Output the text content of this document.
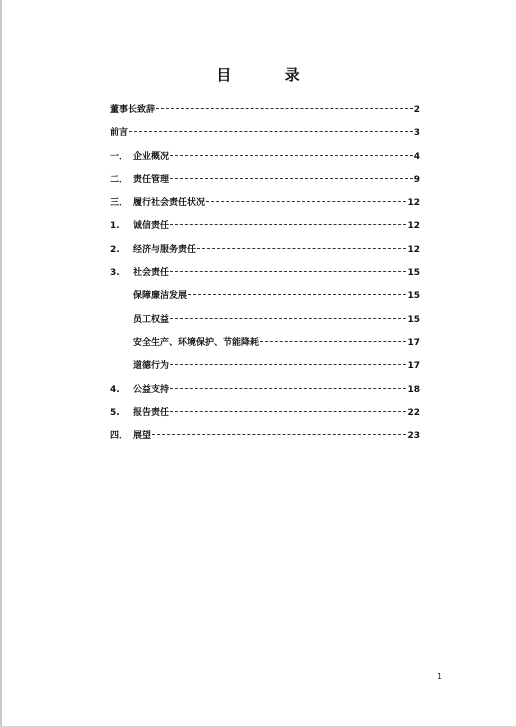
目 录
董事长致辞	2
前言	3
一． 企业概况	4
二． 责任管理	9
三． 履行社会责任状况	12
1.	诚信责任	12
2.	经济与服务责任	12
3.	社会责任	15
保障廉洁发展	15
员工权益	15
安全生产、环境保护、节能降耗	17
道德行为	17
4.	公益支持	18
5.	报告责任	22
四． 展望	23
1
